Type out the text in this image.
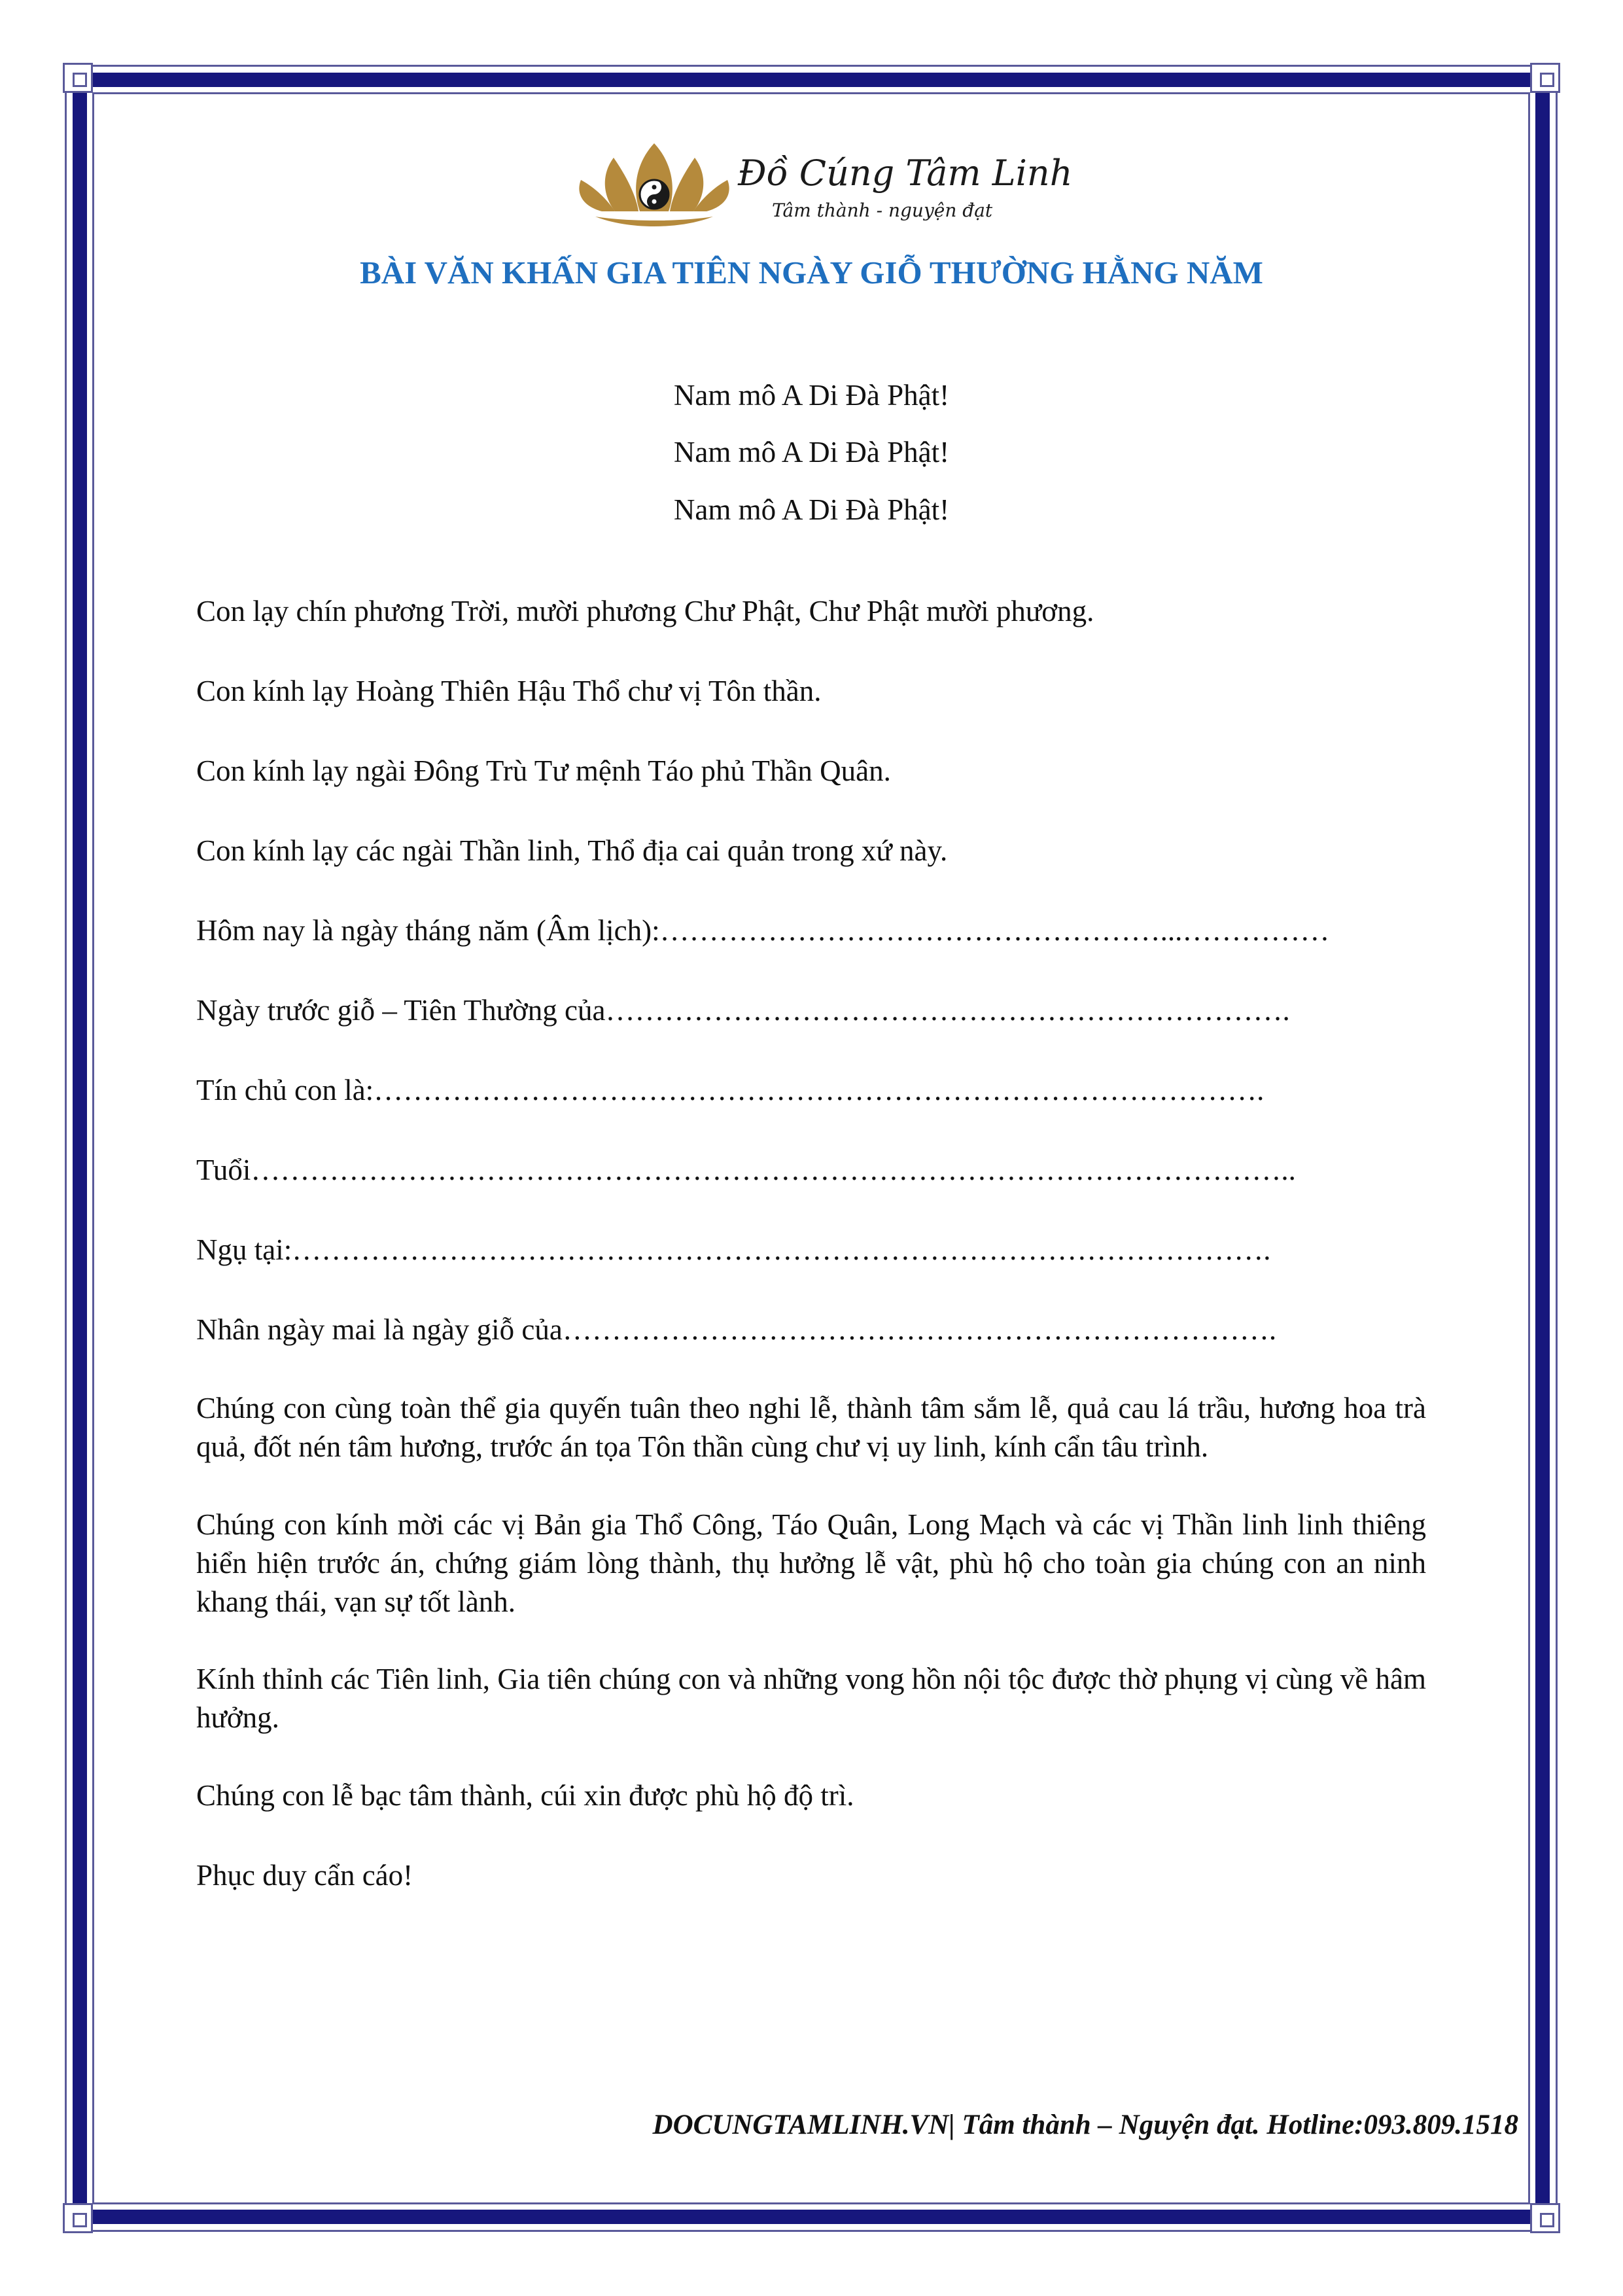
Đồ Cúng Tâm Linh
Tâm thành - nguyện đạt
BÀI VĂN KHẤN GIA TIÊN NGÀY GIỖ THƯỜNG HẰNG NĂM
Nam mô A Di Đà Phật!
Nam mô A Di Đà Phật!
Nam mô A Di Đà Phật!
Con lạy chín phương Trời, mười phương Chư Phật, Chư Phật mười phương.
Con kính lạy Hoàng Thiên Hậu Thổ chư vị Tôn thần.
Con kính lạy ngài Đông Trù Tư mệnh Táo phủ Thần Quân.
Con kính lạy các ngài Thần linh, Thổ địa cai quản trong xứ này.
Hôm nay là ngày tháng năm (Âm lịch):……………………………………………...……………
Ngày trước giỗ – Tiên Thường của…………………………………………………………….
Tín chủ con là:……………………………………………………………………………….
Tuổi……………………………………………………………………………………………..
Ngụ tại:……………………………………………………………………………………….
Nhân ngày mai là ngày giỗ của……………………………………………………………….
Chúng con cùng toàn thể gia quyến tuân theo nghi lễ, thành tâm sắm lễ, quả cau lá trầu, hương hoa trà quả, đốt nén tâm hương, trước án tọa Tôn thần cùng chư vị uy linh, kính cẩn tâu trình.
Chúng con kính mời các vị Bản gia Thổ Công, Táo Quân, Long Mạch và các vị Thần linh linh thiêng hiển hiện trước án, chứng giám lòng thành, thụ hưởng lễ vật, phù hộ cho toàn gia chúng con an ninh khang thái, vạn sự tốt lành.
Kính thỉnh các Tiên linh, Gia tiên chúng con và những vong hồn nội tộc được thờ phụng vị cùng về hâm hưởng.
Chúng con lễ bạc tâm thành, cúi xin được phù hộ độ trì.
Phục duy cẩn cáo!
DOCUNGTAMLINH.VN| Tâm thành – Nguyện đạt. Hotline:093.809.1518
